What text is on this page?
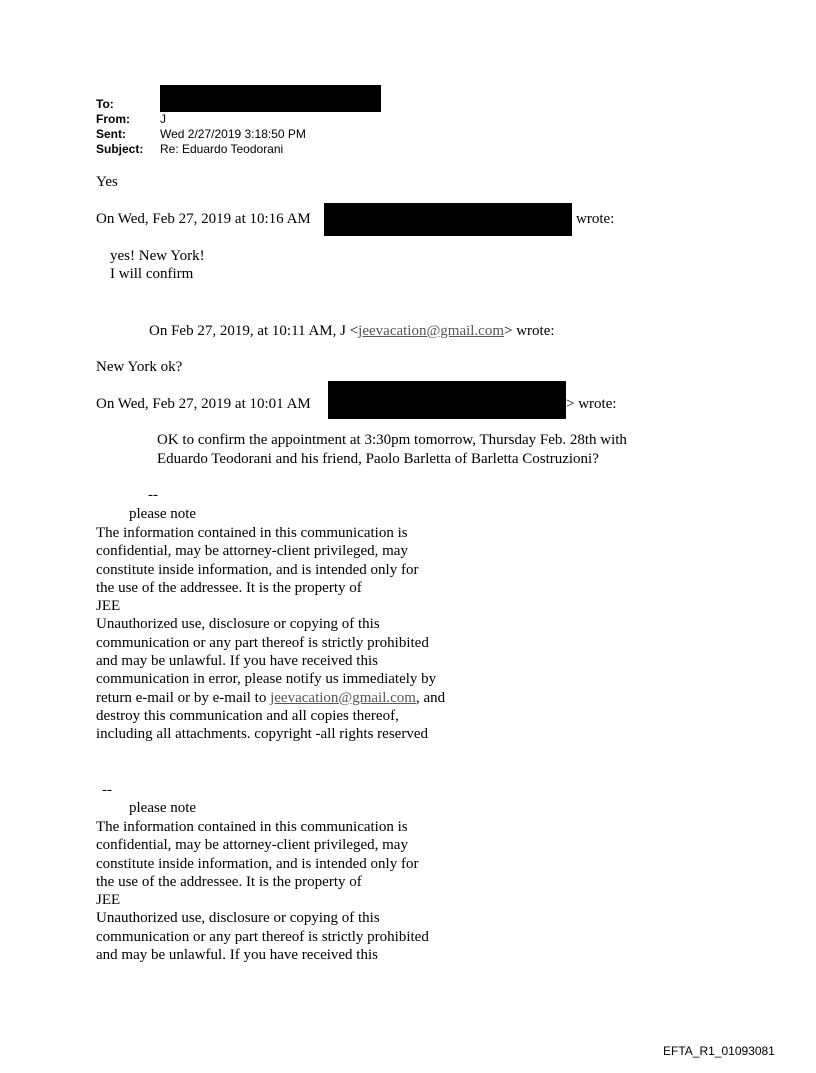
To:
From:	J
Sent:	Wed 2/27/2019 3:18:50 PM
Subject: Re: Eduardo Teodorani
Yes
On Wed, Feb 27, 2019 at 10:16 AM	wrote:
yes! New York!
I will confirm
On Feb 27, 2019, at 10:11 AM, J <jeevacation@gmail.com> wrote:
New York ok?
On Wed, Feb 27, 2019 at 10:01 AM	> wrote:
OK to confirm the appointment at 3:30pm tomorrow, Thursday Feb. 28th with
Eduardo Teodorani and his friend, Paolo Barletta of Barletta Costruzioni?
--
please note
The information contained in this communication is
confidential, may be attorney-client privileged, may
constitute inside information, and is intended only for
the use of the addressee. It is the property of
JEE
Unauthorized use, disclosure or copying of this
communication or any part thereof is strictly prohibited
and may be unlawful. If you have received this
communication in error, please notify us immediately by
return e-mail or by e-mail to jeevacation@gmail.com, and
destroy this communication and all copies thereof,
including all attachments. copyright -all rights reserved
--
please note
The information contained in this communication is
confidential, may be attorney-client privileged, may
constitute inside information, and is intended only for
the use of the addressee. It is the property of
JEE
Unauthorized use, disclosure or copying of this
communication or any part thereof is strictly prohibited
and may be unlawful. If you have received this
EFTA_R1_01093081
